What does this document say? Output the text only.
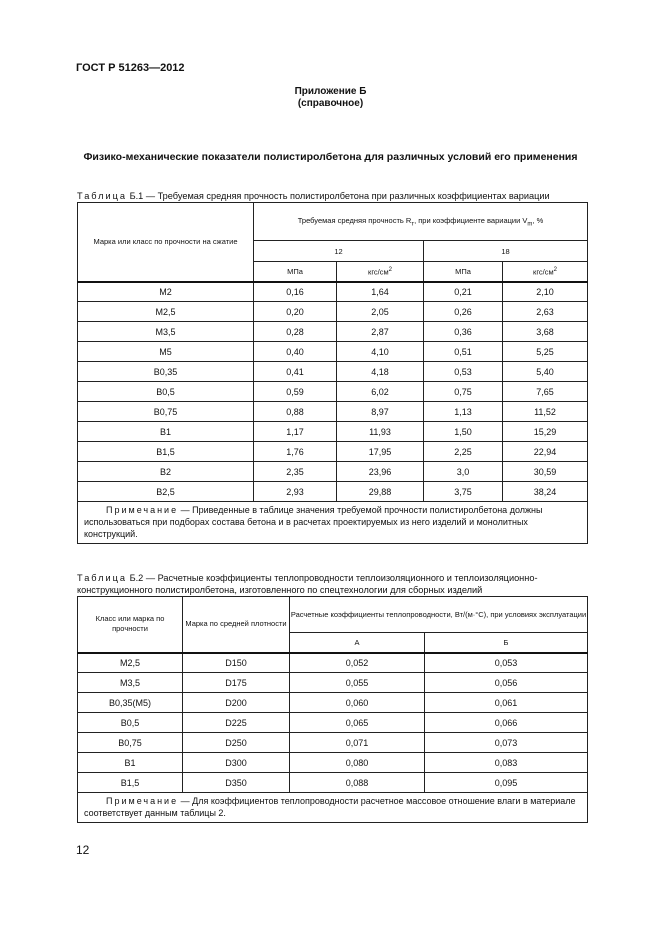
ГОСТ Р 51263—2012
Приложение Б
(справочное)
Физико-механические показатели полистиролбетона для различных условий его применения
Таблица Б.1 — Требуемая средняя прочность полистиролбетона при различных коэффициентах вариации
Марка или класс по прочности на сжатие	Требуемая средняя прочность $R_т$, при коэффициенте вариации $V_m$, %			
	12		18	
	МПа	кгс/$см^2$	МПа	кгс/$см^2$
М2	0,16	1,64	0,21	2,10
М2,5	0,20	2,05	0,26	2,63
М3,5	0,28	2,87	0,36	3,68
М5	0,40	4,10	0,51	5,25
В0,35	0,41	4,18	0,53	5,40
В0,5	0,59	6,02	0,75	7,65
В0,75	0,88	8,97	1,13	11,52
В1	1,17	11,93	1,50	15,29
В1,5	1,76	17,95	2,25	22,94
В2	2,35	23,96	3,0	30,59
В2,5	2,93	29,88	3,75	38,24
Примечание — Приведенные в таблице значения требуемой прочности полистиролбетона должны использоваться при подборах состава бетона и в расчетах проектируемых из него изделий и монолитных конструкций.				
Таблица Б.2 — Расчетные коэффициенты теплопроводности теплоизоляционного и теплоизоляционно-конструкционного полистиролбетона, изготовленного по спецтехнологии для сборных изделий
Класс или марка по прочности	Марка по средней плотности	Расчетные коэффициенты теплопроводности, Вт/(м·°С), при условиях эксплуатации	
		А	Б
М2,5	D150	0,052	0,053
М3,5	D175	0,055	0,056
В0,35(М5)	D200	0,060	0,061
В0,5	D225	0,065	0,066
В0,75	D250	0,071	0,073
В1	D300	0,080	0,083
В1,5	D350	0,088	0,095
Примечание — Для коэффициентов теплопроводности расчетное массовое отношение влаги в материале соответствует данным таблицы 2.			
12
